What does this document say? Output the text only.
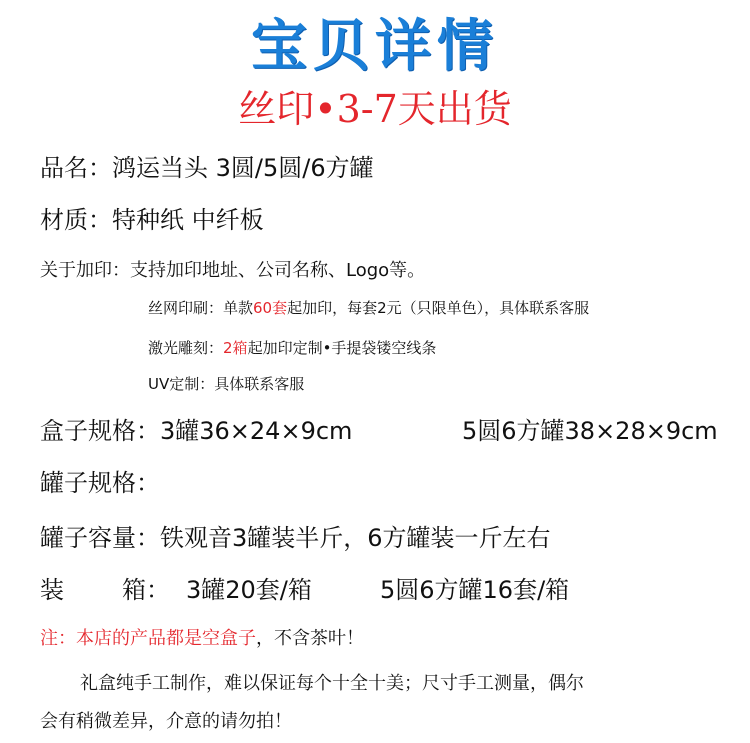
宝贝详情
丝印•3-7天出货
品名：鸿运当头 3圆/5圆/6方罐
材质：特种纸 中纤板
关于加印：支持加印地址、公司名称、Logo等。
丝网印刷：单款60套起加印，每套2元（只限单色），具体联系客服
激光雕刻：2箱起加印定制•手提袋镂空线条
UV定制：具体联系客服
盒子规格：3罐36×24×9cm	5圆6方罐38×28×9cm
罐子规格：
罐子容量：铁观音3罐装半斤，6方罐装一斤左右
装 箱： 3罐20套/箱	5圆6方罐16套/箱
注：本店的产品都是空盒子，不含茶叶！
礼盒纯手工制作，难以保证每个十全十美；尺寸手工测量，偶尔
会有稍微差异，介意的请勿拍！
